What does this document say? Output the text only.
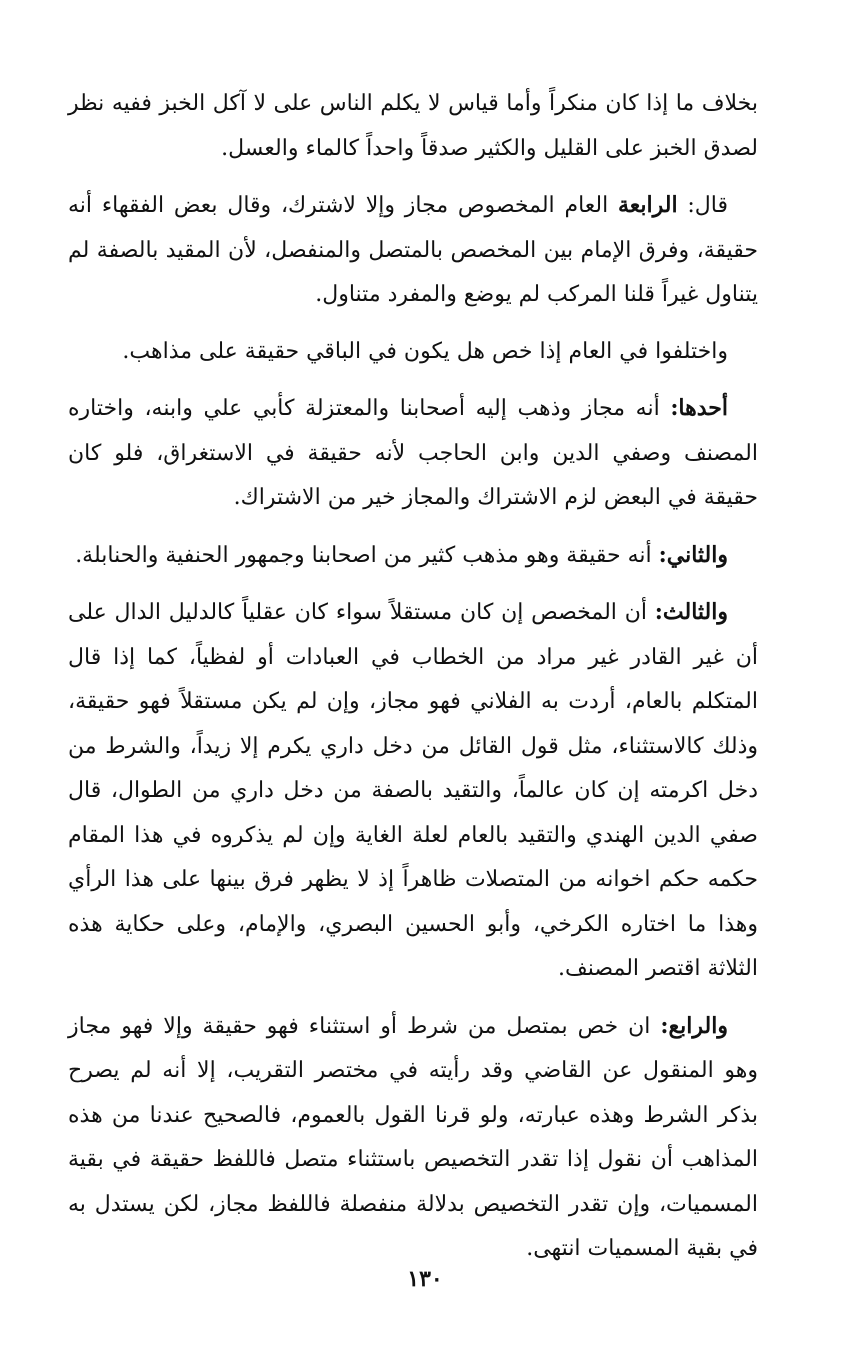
بخلاف ما إذا كان منكراً وأما قياس لا يكلم الناس على لا آكل الخبز ففيه نظر لصدق الخبز على القليل والكثير صدقاً واحداً كالماء والعسل.

قال: الرابعة العام المخصوص مجاز وإلا لاشترك، وقال بعض الفقهاء أنه حقيقة، وفرق الإمام بين المخصص بالمتصل والمنفصل، لأن المقيد بالصفة لم يتناول غيراً قلنا المركب لم يوضع والمفرد متناول.

واختلفوا في العام إذا خص هل يكون في الباقي حقيقة على مذاهب.

أحدها: أنه مجاز وذهب إليه أصحابنا والمعتزلة كأبي علي وابنه، واختاره المصنف وصفي الدين وابن الحاجب لأنه حقيقة في الاستغراق، فلو كان حقيقة في البعض لزم الاشتراك والمجاز خير من الاشتراك.

والثاني: أنه حقيقة وهو مذهب كثير من اصحابنا وجمهور الحنفية والحنابلة.

والثالث: أن المخصص إن كان مستقلاً سواء كان عقلياً كالدليل الدال على أن غير القادر غير مراد من الخطاب في العبادات أو لفظياً، كما إذا قال المتكلم بالعام، أردت به الفلاني فهو مجاز، وإن لم يكن مستقلاً فهو حقيقة، وذلك كالاستثناء، مثل قول القائل من دخل داري يكرم إلا زيداً، والشرط من دخل اكرمته إن كان عالماً، والتقيد بالصفة من دخل داري من الطوال، قال صفي الدين الهندي والتقيد بالعام لعلة الغاية وإن لم يذكروه في هذا المقام حكمه حكم اخوانه من المتصلات ظاهراً إذ لا يظهر فرق بينها على هذا الرأي وهذا ما اختاره الكرخي، وأبو الحسين البصري، والإمام، وعلى حكاية هذه الثلاثة اقتصر المصنف.

والرابع: ان خص بمتصل من شرط أو استثناء فهو حقيقة وإلا فهو مجاز وهو المنقول عن القاضي وقد رأيته في مختصر التقريب، إلا أنه لم يصرح بذكر الشرط وهذه عبارته، ولو قرنا القول بالعموم، فالصحيح عندنا من هذه المذاهب أن نقول إذا تقدر التخصيص باستثناء متصل فاللفظ حقيقة في بقية المسميات، وإن تقدر التخصيص بدلالة منفصلة فاللفظ مجاز، لكن يستدل به في بقية المسميات انتهى.

١٣٠
